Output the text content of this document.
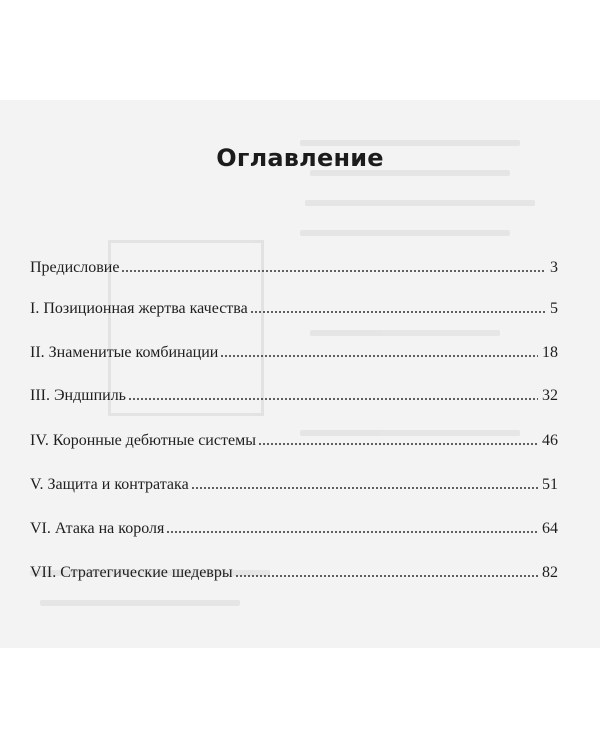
Оглавление
Предисловие	3
I. Позиционная жертва качества	5
II. Знаменитые комбинации	18
III. Эндшпиль	32
IV. Коронные дебютные системы	46
V. Защита и контратака	51
VI. Атака на короля	64
VII. Стратегические шедевры	82
